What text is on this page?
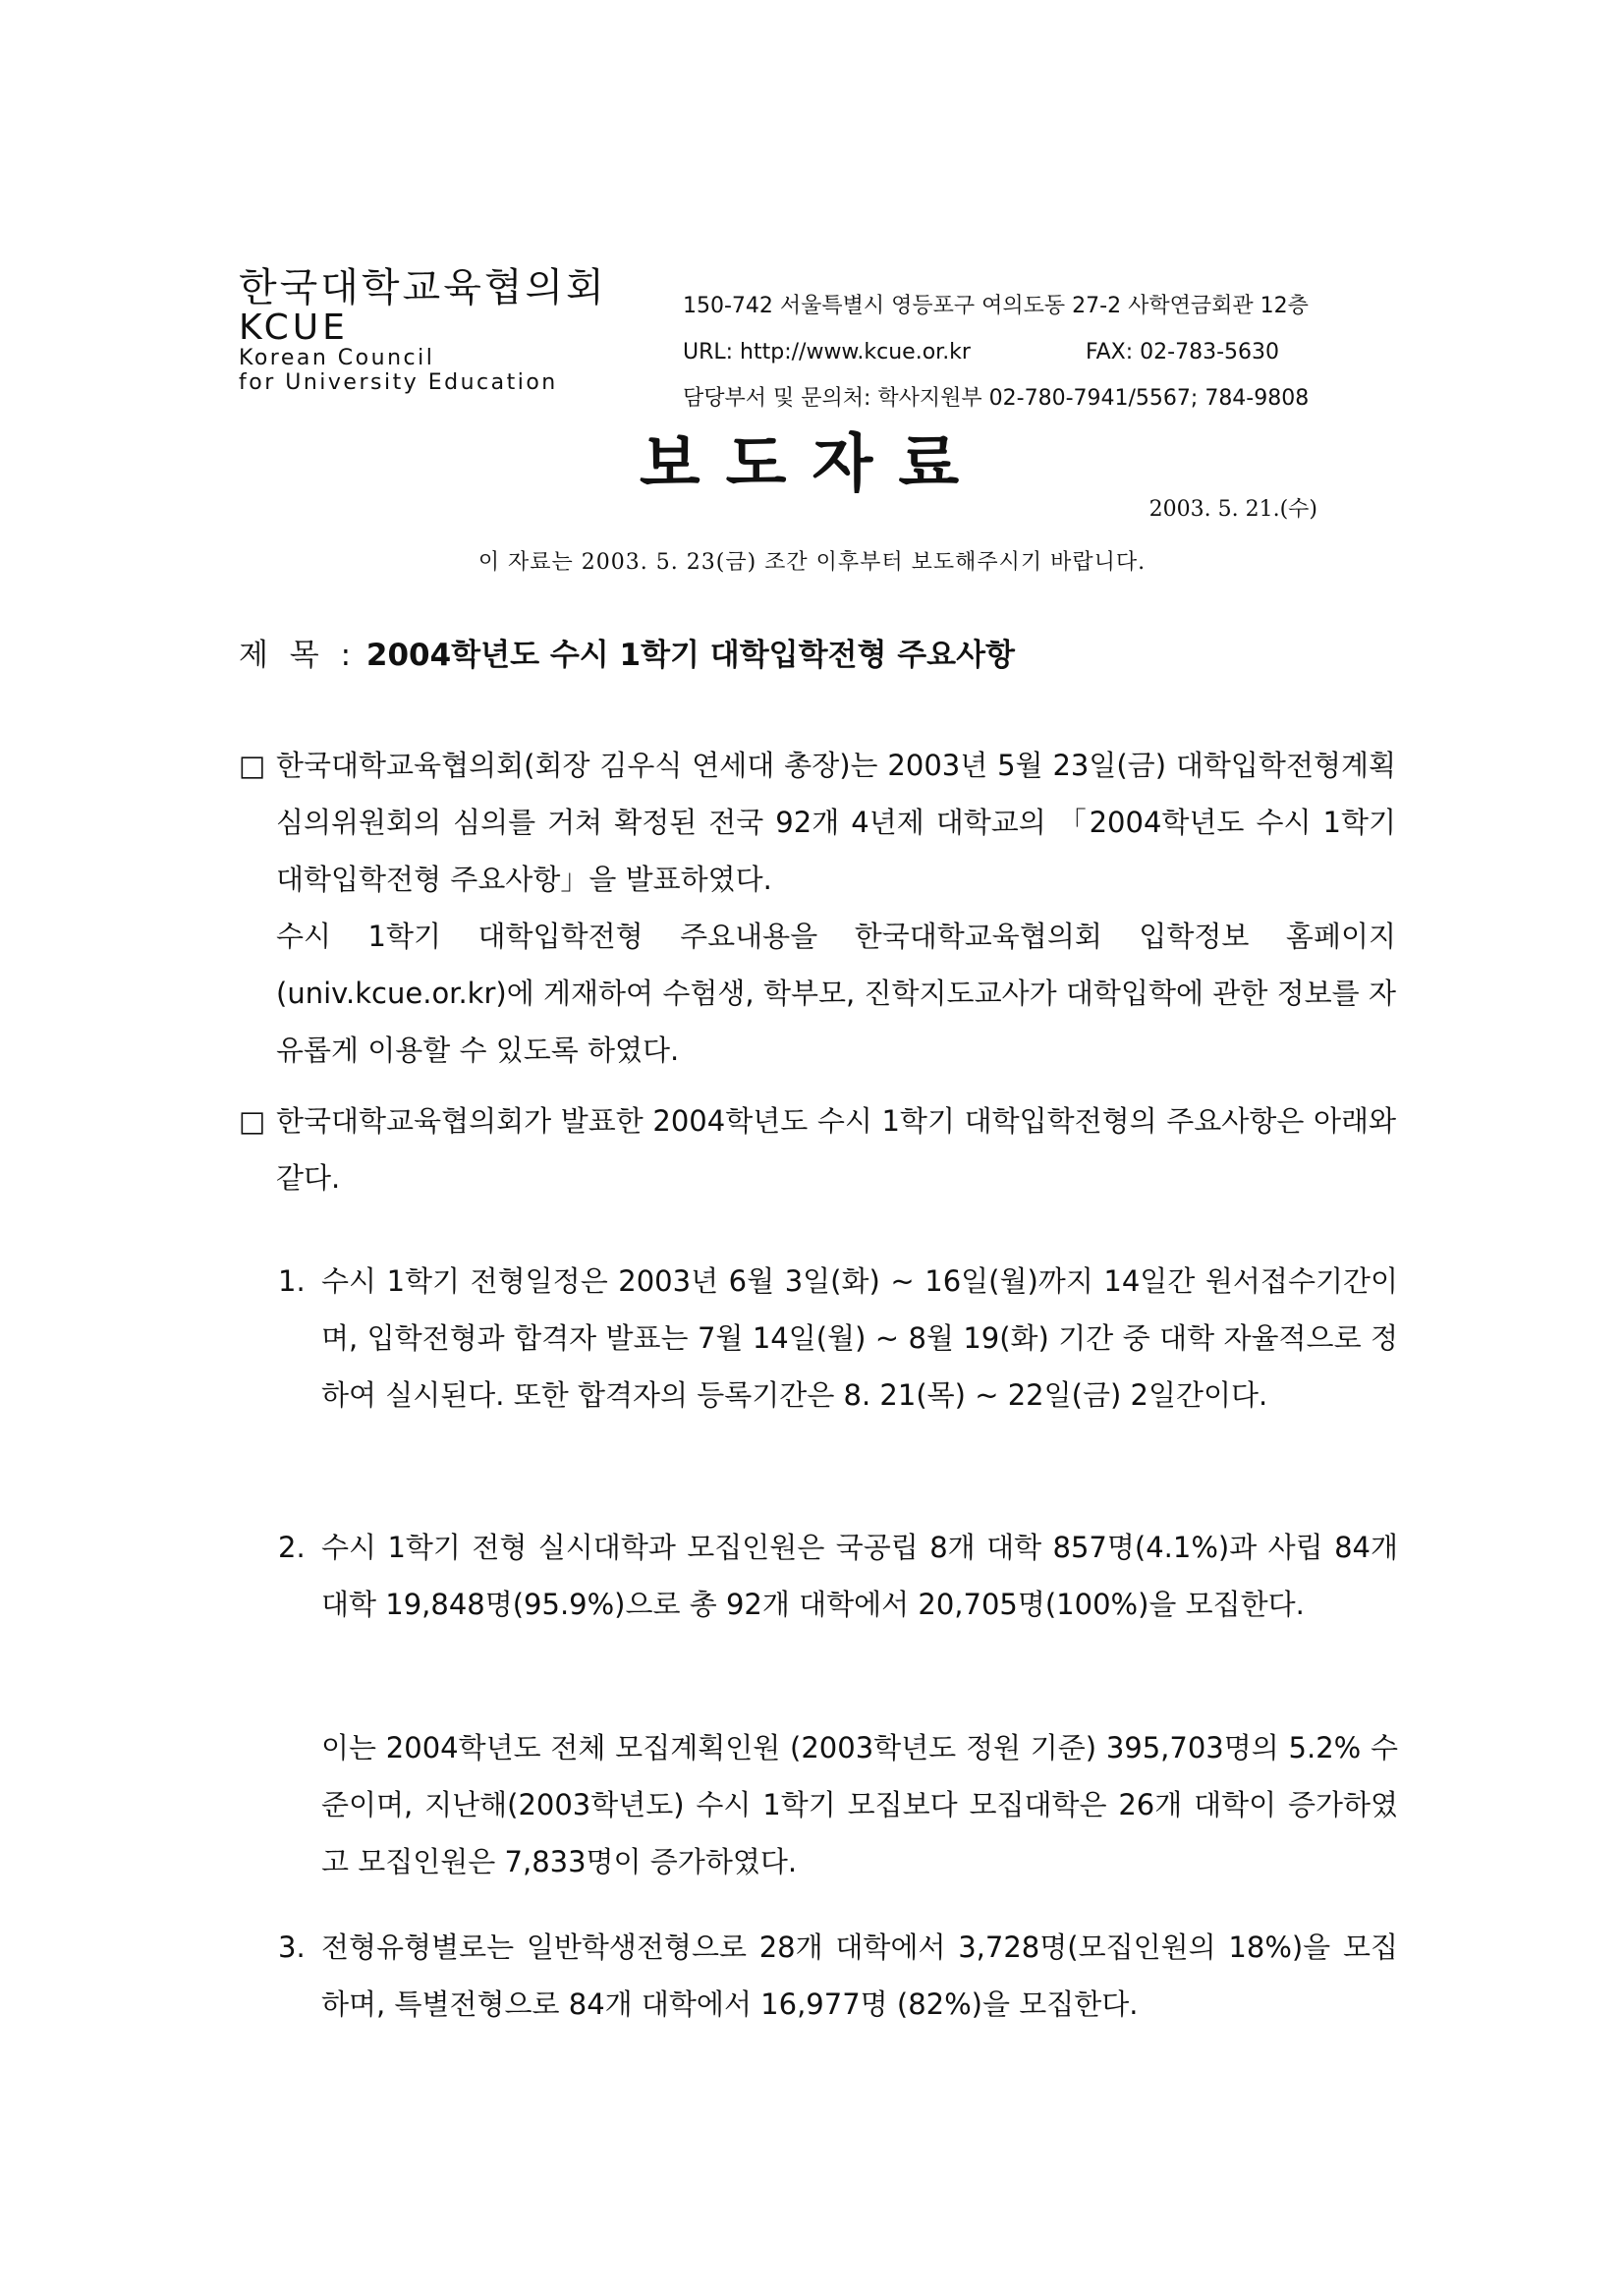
한국대학교육협의회
KCUE
Korean Council
for University Education
150-742 서울특별시 영등포구 여의도동 27-2 사학연금회관 12층
URL: http://www.kcue.or.kr	FAX: 02-783-5630
담당부서 및 문의처: 학사지원부 02-780-7941/5567; 784-9808
보도자료
2003. 5. 21.(수)
이 자료는 2003. 5. 23(금) 조간 이후부터 보도해주시기 바랍니다.
제 목 : 2004학년도 수시 1학기 대학입학전형 주요사항
□ 한국대학교육협의회(회장 김우식 연세대 총장)는 2003년 5월 23일(금) 대학입학전형계획심의위원회의 심의를 거쳐 확정된 전국 92개 4년제 대학교의 「2004학년도 수시 1학기 대학입학전형 주요사항」을 발표하였다.
수시 1학기 대학입학전형 주요내용을 한국대학교육협의회 입학정보 홈페이지(univ.kcue.or.kr)에 게재하여 수험생, 학부모, 진학지도교사가 대학입학에 관한 정보를 자유롭게 이용할 수 있도록 하였다.
□ 한국대학교육협의회가 발표한 2004학년도 수시 1학기 대학입학전형의 주요사항은 아래와 같다.
1. 수시 1학기 전형일정은 2003년 6월 3일(화) ~ 16일(월)까지 14일간 원서접수기간이며, 입학전형과 합격자 발표는 7월 14일(월) ~ 8월 19(화) 기간 중 대학 자율적으로 정하여 실시된다. 또한 합격자의 등록기간은 8. 21(목) ~ 22일(금) 2일간이다.
2. 수시 1학기 전형 실시대학과 모집인원은 국공립 8개 대학 857명(4.1%)과 사립 84개 대학 19,848명(95.9%)으로 총 92개 대학에서 20,705명(100%)을 모집한다.
이는 2004학년도 전체 모집계획인원 (2003학년도 정원 기준) 395,703명의 5.2% 수준이며, 지난해(2003학년도) 수시 1학기 모집보다 모집대학은 26개 대학이 증가하였고 모집인원은 7,833명이 증가하였다.
3. 전형유형별로는 일반학생전형으로 28개 대학에서 3,728명(모집인원의 18%)을 모집하며, 특별전형으로 84개 대학에서 16,977명 (82%)을 모집한다.
